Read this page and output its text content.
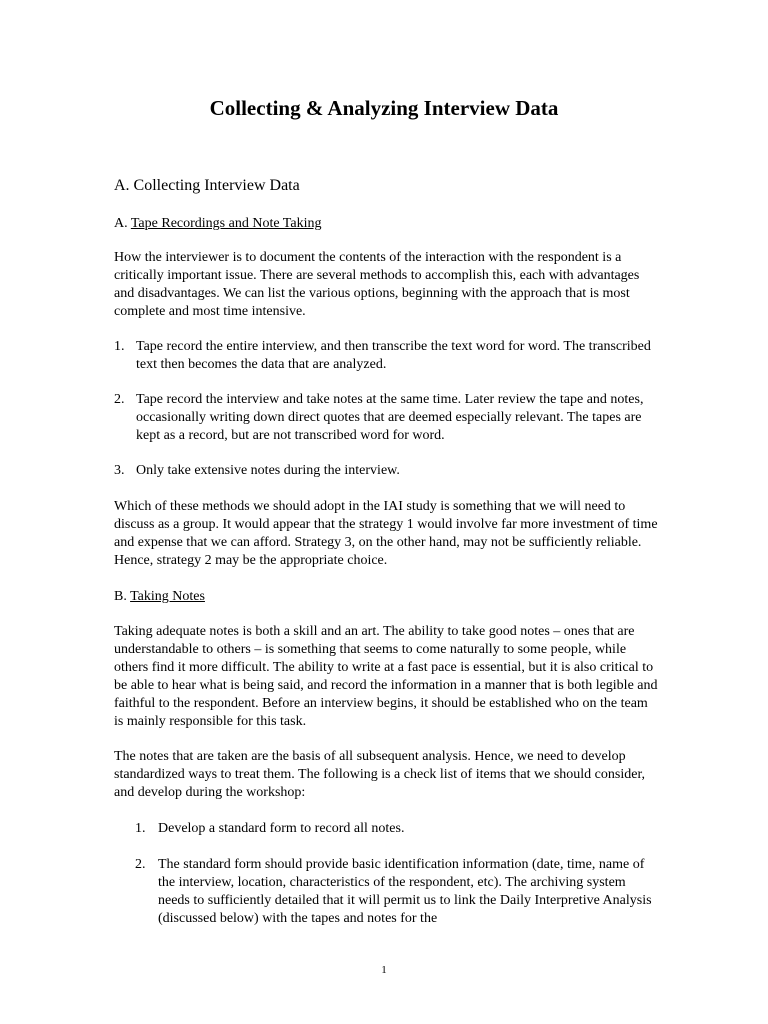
Collecting & Analyzing Interview Data
A. Collecting Interview Data
A. Tape Recordings and Note Taking

How the interviewer is to document the contents of the interaction with the respondent is a critically important issue. There are several methods to accomplish this, each with advantages and disadvantages. We can list the various options, beginning with the approach that is most complete and most time intensive.

1. Tape record the entire interview, and then transcribe the text word for word. The transcribed text then becomes the data that are analyzed.
2. Tape record the interview and take notes at the same time. Later review the tape and notes, occasionally writing down direct quotes that are deemed especially relevant. The tapes are kept as a record, but are not transcribed word for word.
3. Only take extensive notes during the interview.

Which of these methods we should adopt in the IAI study is something that we will need to discuss as a group. It would appear that the strategy 1 would involve far more investment of time and expense that we can afford. Strategy 3, on the other hand, may not be sufficiently reliable. Hence, strategy 2 may be the appropriate choice.

B. Taking Notes

Taking adequate notes is both a skill and an art. The ability to take good notes – ones that are understandable to others – is something that seems to come naturally to some people, while others find it more difficult. The ability to write at a fast pace is essential, but it is also critical to be able to hear what is being said, and record the information in a manner that is both legible and faithful to the respondent. Before an interview begins, it should be established who on the team is mainly responsible for this task.

The notes that are taken are the basis of all subsequent analysis. Hence, we need to develop standardized ways to treat them. The following is a check list of items that we should consider, and develop during the workshop:

1. Develop a standard form to record all notes.
2. The standard form should provide basic identification information (date, time, name of the interview, location, characteristics of the respondent, etc). The archiving system needs to sufficiently detailed that it will permit us to link the Daily Interpretive Analysis (discussed below) with the tapes and notes for the
1
